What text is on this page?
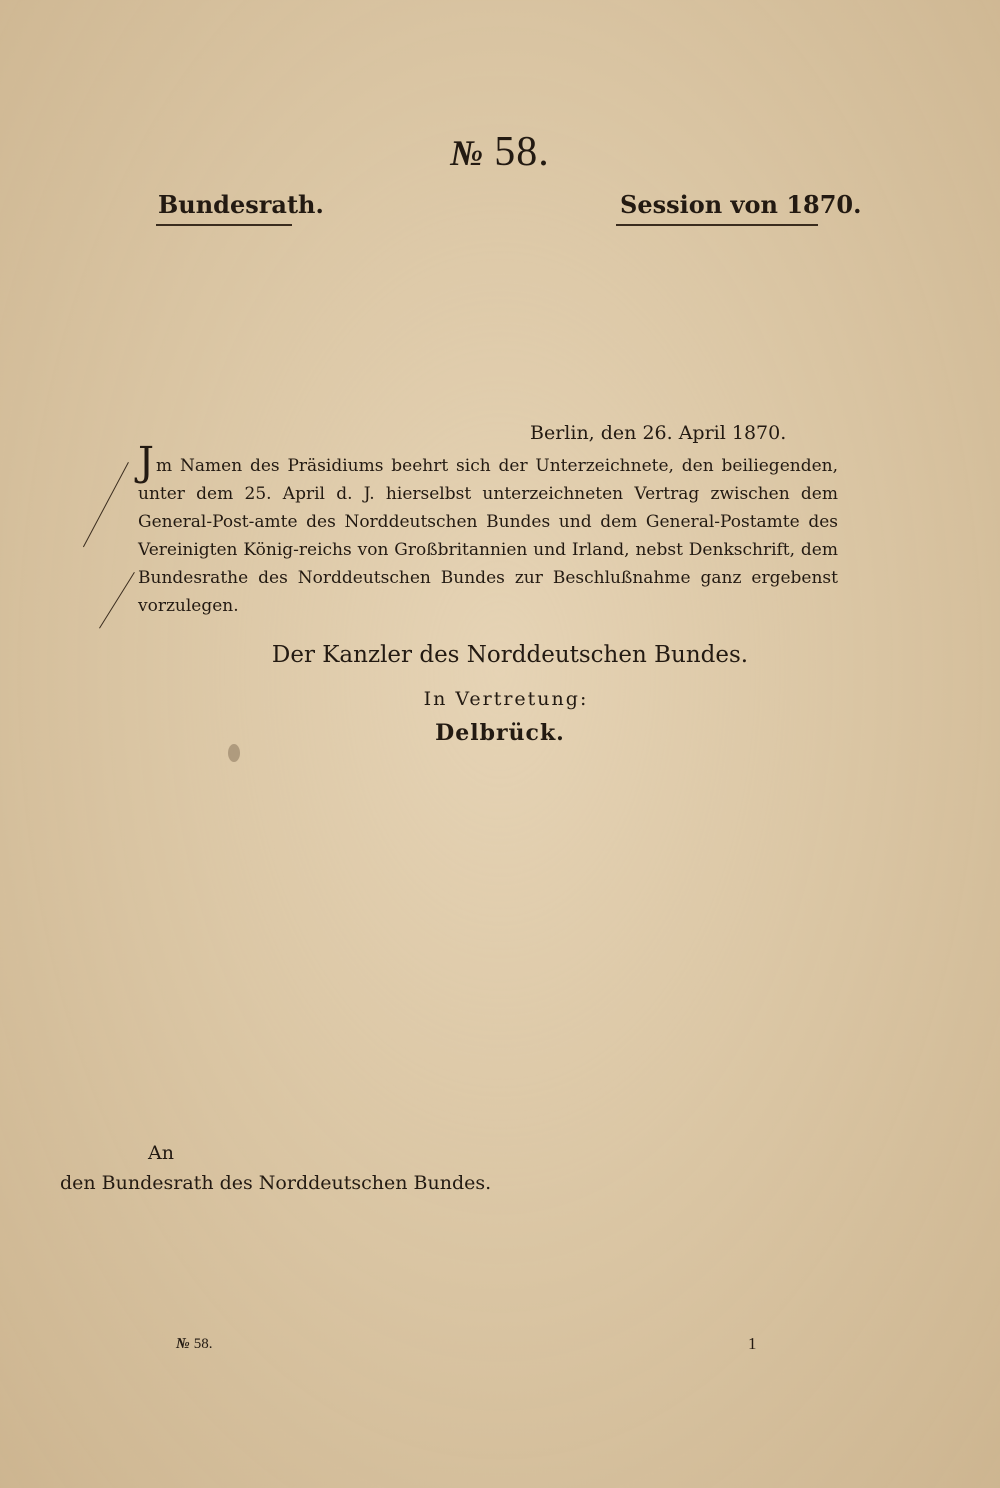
№ 58.
Bundesrath.	Session von 1870.
Berlin, den 26. April 1870.
Jm Namen des Präsidiums beehrt sich der Unterzeichnete, den beiliegenden, unter dem 25. April d. J. hierselbst unterzeichneten Vertrag zwischen dem General-Post-amte des Norddeutschen Bundes und dem General-Postamte des Vereinigten König-reichs von Großbritannien und Irland, nebst Denkschrift, dem Bundesrathe des Norddeutschen Bundes zur Beschlußnahme ganz ergebenst vorzulegen.
Der Kanzler des Norddeutschen Bundes.
In Vertretung:
Delbrück.
An
den Bundesrath des Norddeutschen Bundes.
№ 58.	1
